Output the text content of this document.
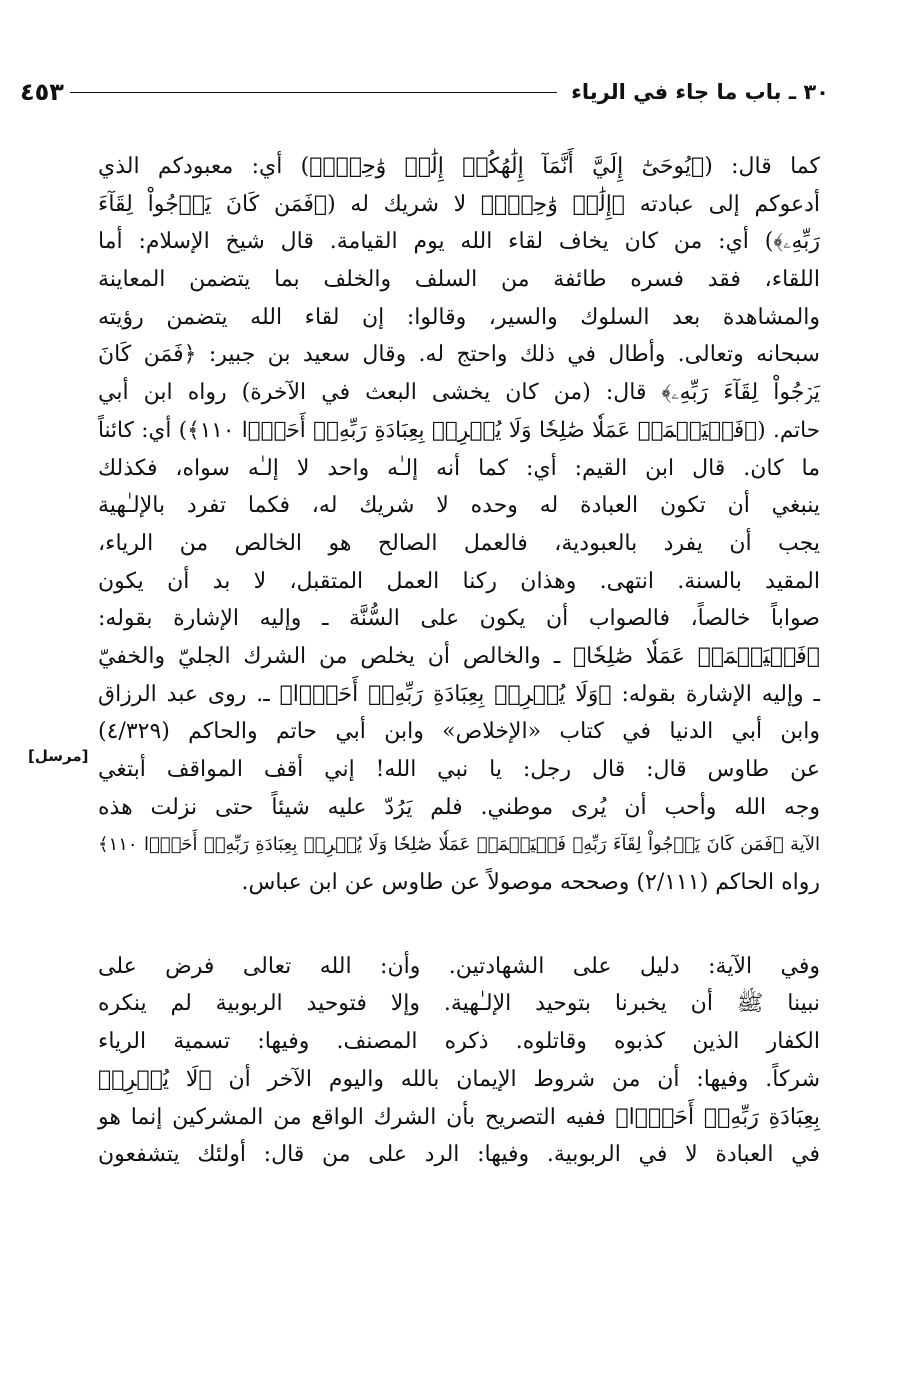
٣٠ ـ باب ما جاء في الرياء
٤٥٣
[مرسل]
كما قال: (﴿يُوحَىٰٓ إِلَيَّ أَنَّمَآ إِلَٰهُكُمۡ إِلَٰهٞ وَٰحِدٞۖ﴾) أي: معبودكم الذي
أدعوكم إلى عبادته ﴿إِلَٰهٞ وَٰحِدٞۖ﴾ لا شريك له (﴿فَمَن كَانَ يَرۡجُواْ لِقَآءَ
رَبِّهِۦ﴾) أي: من كان يخاف لقاء الله يوم القيامة. قال شيخ الإسلام: أما
اللقاء، فقد فسره طائفة من السلف والخلف بما يتضمن المعاينة
والمشاهدة بعد السلوك والسير، وقالوا: إن لقاء الله يتضمن رؤيته
سبحانه وتعالى. وأطال في ذلك واحتج له. وقال سعيد بن جبير: ﴿فَمَن كَانَ
يَرۡجُواْ لِقَآءَ رَبِّهِۦ﴾ قال: (من كان يخشى البعث في الآخرة) رواه ابن أبي
حاتم. (﴿فَلۡيَعۡمَلۡ عَمَلٗا صَٰلِحٗا وَلَا يُشۡرِكۡ بِعِبَادَةِ رَبِّهِۦٓ أَحَدَۢا ١١٠﴾) أي: كائناً
ما كان. قال ابن القيم: أي: كما أنه إلـٰه واحد لا إلـٰه سواه، فكذلك
ينبغي أن تكون العبادة له وحده لا شريك له، فكما تفرد بالإلـٰهية
يجب أن يفرد بالعبودية، فالعمل الصالح هو الخالص من الرياء،
المقيد بالسنة. انتهى. وهذان ركنا العمل المتقبل، لا بد أن يكون
صواباً خالصاً، فالصواب أن يكون على السُّنَّة ـ وإليه الإشارة بقوله:
﴿فَلۡيَعۡمَلۡ عَمَلٗا صَٰلِحٗا﴾ ـ والخالص أن يخلص من الشرك الجليّ والخفيّ
ـ وإليه الإشارة بقوله: ﴿وَلَا يُشۡرِكۡ بِعِبَادَةِ رَبِّهِۦٓ أَحَدَۢا﴾ ـ. روى عبد الرزاق
وابن أبي الدنيا في كتاب «الإخلاص» وابن أبي حاتم والحاكم (٤/٣٢٩)
عن طاوس قال: قال رجل: يا نبي الله! إني أقف المواقف أبتغي
وجه الله وأحب أن يُرى موطني. فلم يَرُدّ عليه شيئاً حتى نزلت هذه
الآية ﴿فَمَن كَانَ يَرۡجُواْ لِقَآءَ رَبِّهِۦ فَلۡيَعۡمَلۡ عَمَلٗا صَٰلِحٗا وَلَا يُشۡرِكۡ بِعِبَادَةِ رَبِّهِۦٓ أَحَدَۢا ١١٠﴾
رواه الحاكم (٢/١١١) وصححه موصولاً عن طاوس عن ابن عباس.
وفي الآية: دليل على الشهادتين. وأن: الله تعالى فرض على
نبينا ﷺ أن يخبرنا بتوحيد الإلـٰهية. وإلا فتوحيد الربوبية لم ينكره
الكفار الذين كذبوه وقاتلوه. ذكره المصنف. وفيها: تسمية الرياء
شركاً. وفيها: أن من شروط الإيمان بالله واليوم الآخر أن ﴿لَا يُشۡرِكۡ
بِعِبَادَةِ رَبِّهِۦٓ أَحَدَۢا﴾ ففيه التصريح بأن الشرك الواقع من المشركين إنما هو
في العبادة لا في الربوبية. وفيها: الرد على من قال: أولئك يتشفعون
